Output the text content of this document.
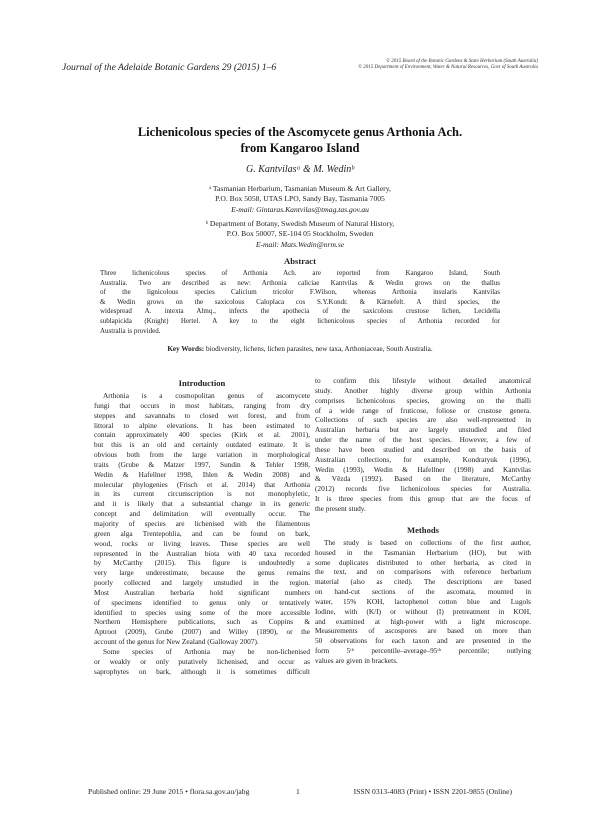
Journal of the Adelaide Botanic Gardens 29 (2015) 1–6
© 2015 Board of the Botanic Gardens & State Herbarium (South Australia)
© 2015 Department of Environment, Water & Natural Resources, Govt of South Australia
Lichenicolous species of the Ascomycete genus Arthonia Ach.
from Kangaroo Island
G. Kantvilasᵃ & M. Wedinᵇ
ᵃ Tasmanian Herbarium, Tasmanian Museum & Art Gallery,
P.O. Box 5058, UTAS LPO, Sandy Bay, Tasmania 7005
E-mail: Gintaras.Kantvilas@tmag.tas.gov.au
ᵇ Department of Botany, Swedish Museum of Natural History,
P.O. Box 50007, SE-104 05 Stockholm, Sweden
E-mail: Mats.Wedin@nrm.se
Abstract
Three lichenicolous species of Arthonia Ach. are reported from Kangaroo Island, South
Australia. Two are described as new: Arthonia caliciae Kantvilas & Wedin grows on the thallus
of the lignicolous species Calicium tricolor F.Wilson, whereas Arthonia insularis Kantvilas
& Wedin grows on the saxicolous Caloplaca cos S.Y.Kondr. & Kärnefelt. A third species, the
widespread A. intexta Almq., infects the apothecia of the saxicolous crustose lichen, Lecidella
sublapicida (Knight) Hertel. A key to the eight lichenicolous species of Arthonia recorded for
Australia is provided.
Key Words: biodiversity, lichens, lichen parasites, new taxa, Arthoniaceae, South Australia.
Introduction
Arthonia is a cosmopolitan genus of ascomycete
fungi that occurs in most habitats, ranging from dry
steppes and savannahs to closed wet forest, and from
littoral to alpine elevations. It has been estimated to
contain approximately 400 species (Kirk et al. 2001),
but this is an old and certainly outdated estimate. It is
obvious both from the large variation in morphological
traits (Grube & Matzer 1997, Sundin & Tehler 1998,
Wedin & Hafellner 1998, Ihlen & Wedin 2008) and
molecular phylogenies (Frisch et al. 2014) that Arthonia
in its current circumscription is not monophyletic,
and it is likely that a substantial change in its generic
concept and delimitation will eventually occur. The
majority of species are lichenised with the filamentous
green alga Trentepohlia, and can be found on bark,
wood, rocks or living leaves. These species are well
represented in the Australian biota with 40 taxa recorded
by McCarthy (2015). This figure is undoubtedly a
very large underestimate, because the genus remains
poorly collected and largely unstudied in the region.
Most Australian herbaria hold significant numbers
of specimens identified to genus only or tentatively
identified to species using some of the more accessible
Northern Hemisphere publications, such as Coppins &
Aptroot (2009), Grube (2007) and Willey (1890), or the
account of the genus for New Zealand (Galloway 2007).
Some species of Arthonia may be non-lichenised
or weakly or only putatively lichenised, and occur as
saprophytes on bark, although it is sometimes difficult
to confirm this lifestyle without detailed anatomical
study. Another highly diverse group within Arthonia
comprises lichenicolous species, growing on the thalli
of a wide range of fruticose, foliose or crustose genera.
Collections of such species are also well-represented in
Australian herbaria but are largely unstudied and filed
under the name of the host species. However, a few of
these have been studied and described on the basis of
Australian collections, for example, Kondratyuk (1996),
Wedin (1993), Wedin & Hafellner (1998) and Kantvilas
& Vězda (1992). Based on the literature, McCarthy
(2012) records five lichenicolous species for Australia.
It is three species from this group that are the focus of
the present study.
Methods
The study is based on collections of the first author,
housed in the Tasmanian Herbarium (HO), but with
some duplicates distributed to other herbaria, as cited in
the text, and on comparisons with reference herbarium
material (also as cited). The descriptions are based
on hand-cut sections of the ascomata, mounted in
water, 15% KOH, lactophenol cotton blue and Lugols
Iodine, with (K/I) or without (I) pretreatment in KOH,
and examined at high-power with a light microscope.
Measurements of ascospores are based on more than
50 observations for each taxon and are presented in the
form 5ᵗʰ percentile–average–95ᵗʰ percentile; outlying
values are given in brackets.
Published online: 29 June 2015 • flora.sa.gov.au/jabg	1	ISSN 0313-4083 (Print) • ISSN 2201-9855 (Online)
